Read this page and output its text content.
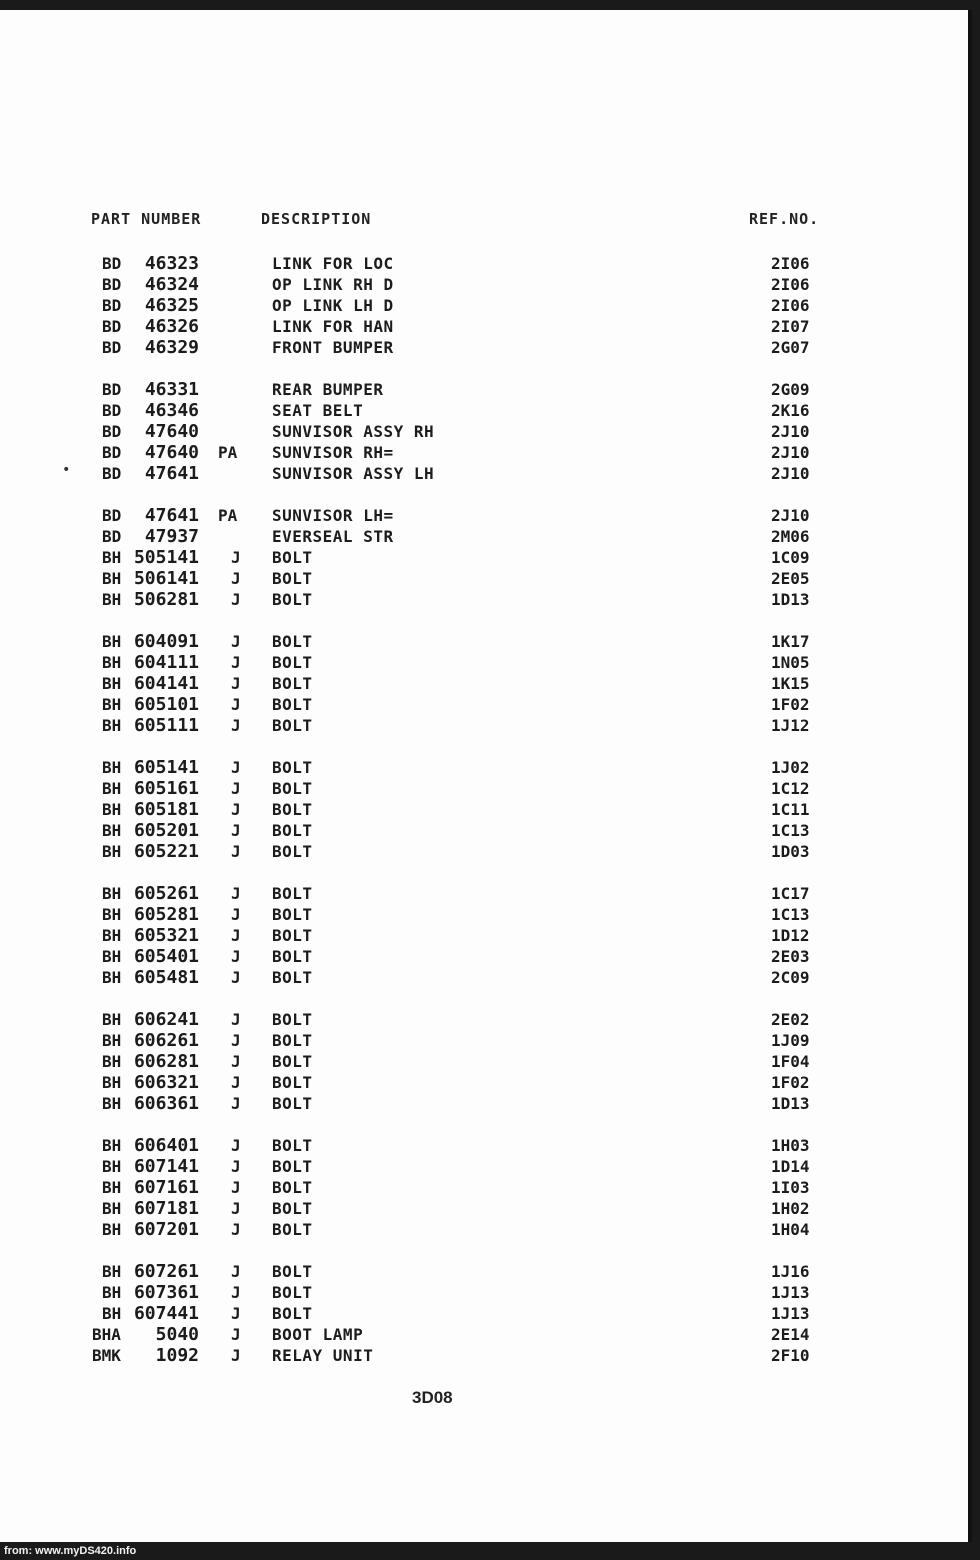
PART NUMBER	DESCRIPTION	REF.NO.
BD	46323	LINK FOR LOC	2I06
BD	46324	OP LINK RH D	2I06
BD	46325	OP LINK LH D	2I06
BD	46326	LINK FOR HAN	2I07
BD	46329	FRONT BUMPER	2G07
BD	46331	REAR BUMPER	2G09
BD	46346	SEAT BELT	2K16
BD	47640	SUNVISOR ASSY RH	2J10
BD	47640 PA	SUNVISOR RH=	2J10
BD	47641	SUNVISOR ASSY LH	2J10
BD	47641 PA	SUNVISOR LH=	2J10
BD	47937	EVERSEAL STR	2M06
BH 505141 J	BOLT	1C09
BH 506141 J	BOLT	2E05
BH 506281 J	BOLT	1D13
BH 604091 J	BOLT	1K17
BH 604111 J	BOLT	1N05
BH 604141 J	BOLT	1K15
BH 605101 J	BOLT	1F02
BH 605111 J	BOLT	1J12
BH 605141 J	BOLT	1J02
BH 605161 J	BOLT	1C12
BH 605181 J	BOLT	1C11
BH 605201 J	BOLT	1C13
BH 605221 J	BOLT	1D03
BH 605261 J	BOLT	1C17
BH 605281 J	BOLT	1C13
BH 605321 J	BOLT	1D12
BH 605401 J	BOLT	2E03
BH 605481 J	BOLT	2C09
BH 606241 J	BOLT	2E02
BH 606261 J	BOLT	1J09
BH 606281 J	BOLT	1F04
BH 606321 J	BOLT	1F02
BH 606361 J	BOLT	1D13
BH 606401 J	BOLT	1H03
BH 607141 J	BOLT	1D14
BH 607161 J	BOLT	1I03
BH 607181 J	BOLT	1H02
BH 607201 J	BOLT	1H04
BH 607261 J	BOLT	1J16
BH 607361 J	BOLT	1J13
BH 607441 J	BOLT	1J13
BHA	5040 J	BOOT LAMP	2E14
BMK	1092 J	RELAY UNIT	2F10
•
3D08
from: www.myDS420.info
